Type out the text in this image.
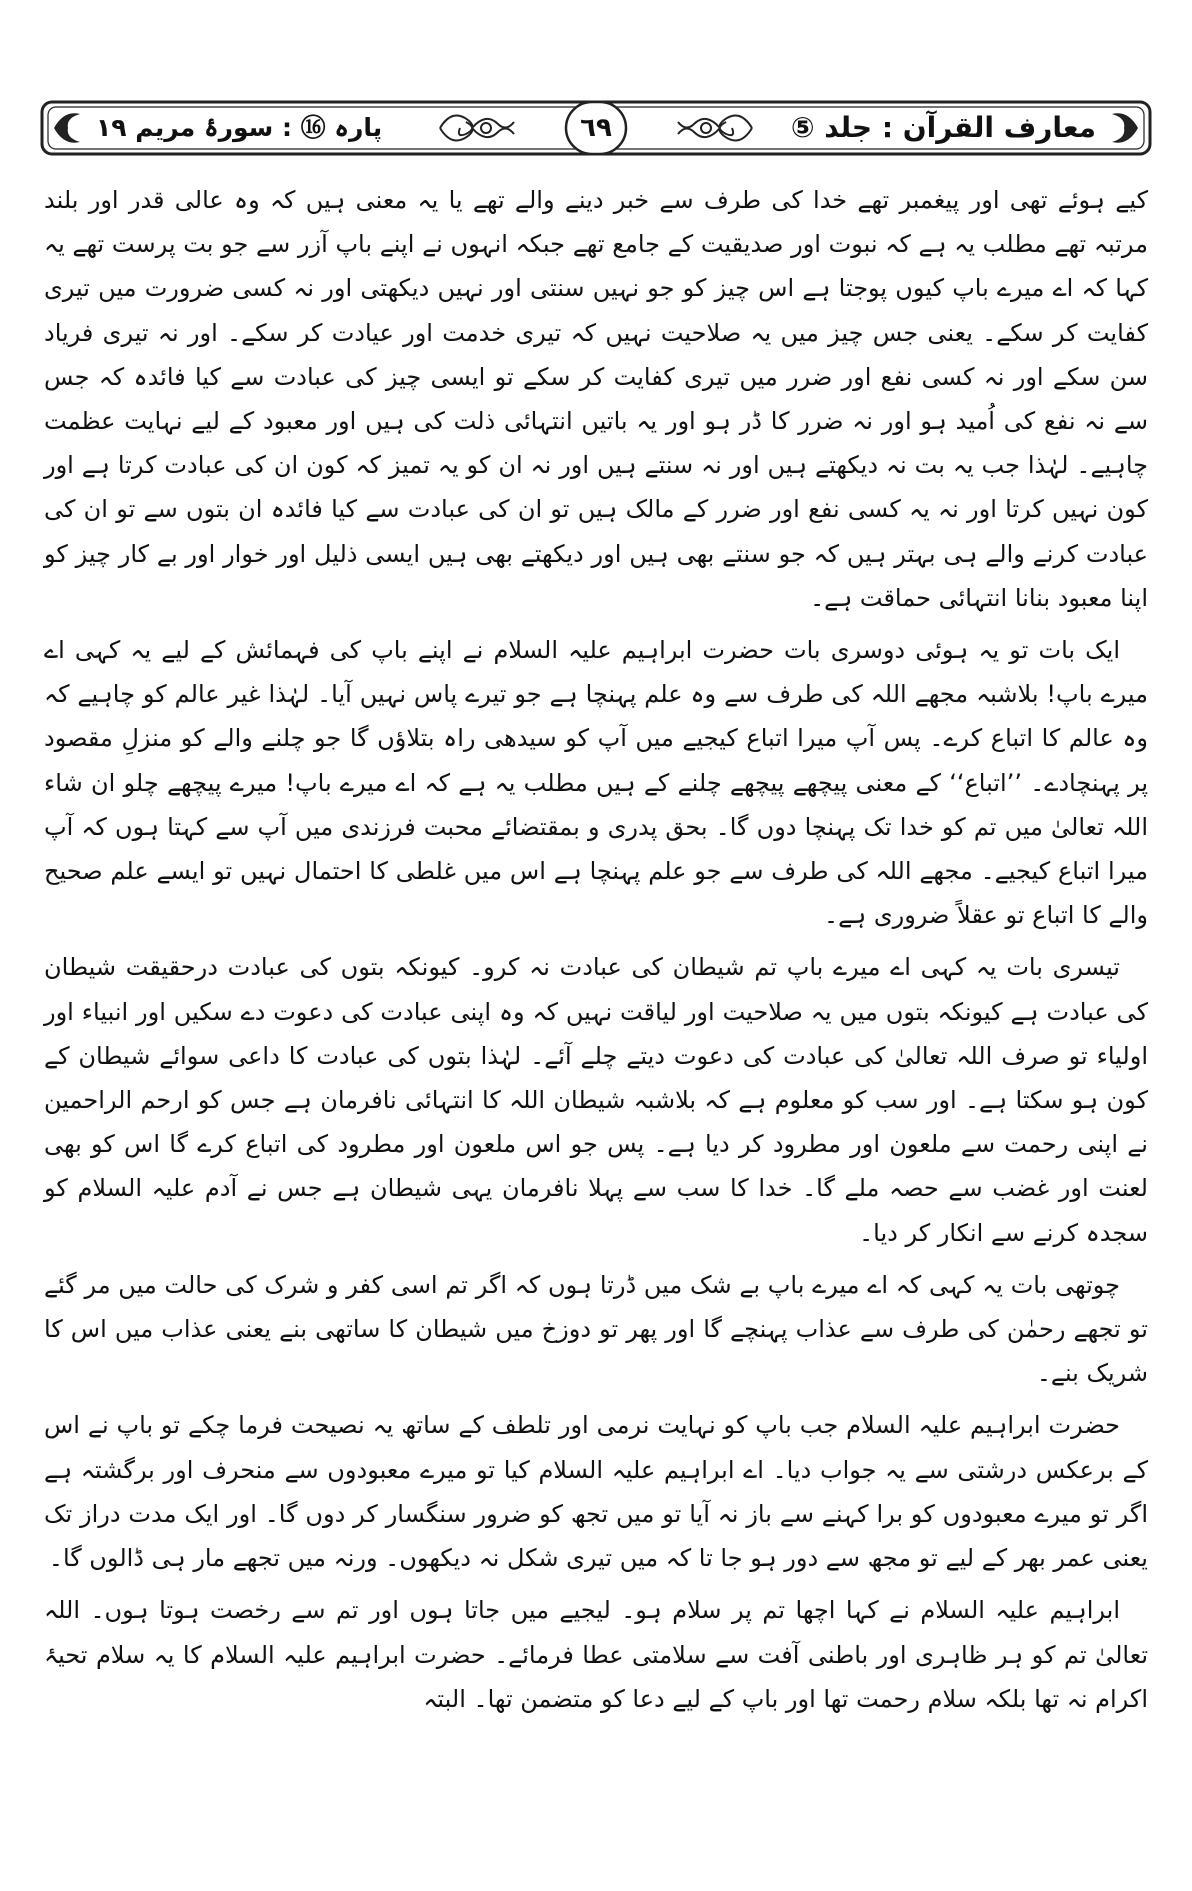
معارف القرآن : جلد ⑤
٦٩
پارہ ⑯ : سورۂ مریم ١٩

کیے ہوئے تھی اور پیغمبر تھے خدا کی طرف سے خبر دینے والے تھے یا یہ معنی ہیں کہ وہ عالی قدر اور بلند مرتبہ تھے مطلب یہ ہے کہ نبوت اور صدیقیت کے جامع تھے جبکہ انہوں نے اپنے باپ آزر سے جو بت پرست تھے یہ کہا کہ اے میرے باپ کیوں پوجتا ہے اس چیز کو جو نہیں سنتی اور نہیں دیکھتی اور نہ کسی ضرورت میں تیری کفایت کر سکے۔ یعنی جس چیز میں یہ صلاحیت نہیں کہ تیری خدمت اور عیادت کر سکے۔ اور نہ تیری فریاد سن سکے اور نہ کسی نفع اور ضرر میں تیری کفایت کر سکے تو ایسی چیز کی عبادت سے کیا فائدہ کہ جس سے نہ نفع کی اُمید ہو اور نہ ضرر کا ڈر ہو اور یہ باتیں انتہائی ذلت کی ہیں اور معبود کے لیے نہایت عظمت چاہیے۔ لہٰذا جب یہ بت نہ دیکھتے ہیں اور نہ سنتے ہیں اور نہ ان کو یہ تمیز کہ کون ان کی عبادت کرتا ہے اور کون نہیں کرتا اور نہ یہ کسی نفع اور ضرر کے مالک ہیں تو ان کی عبادت سے کیا فائدہ ان بتوں سے تو ان کی عبادت کرنے والے ہی بہتر ہیں کہ جو سنتے بھی ہیں اور دیکھتے بھی ہیں ایسی ذلیل اور خوار اور بے کار چیز کو اپنا معبود بنانا انتہائی حماقت ہے۔

ایک بات تو یہ ہوئی دوسری بات حضرت ابراہیم علیہ السلام نے اپنے باپ کی فہمائش کے لیے یہ کہی اے میرے باپ! بلاشبہ مجھے اللہ کی طرف سے وہ علم پہنچا ہے جو تیرے پاس نہیں آیا۔ لہٰذا غیر عالم کو چاہیے کہ وہ عالم کا اتباع کرے۔ پس آپ میرا اتباع کیجیے میں آپ کو سیدھی راہ بتلاؤں گا جو چلنے والے کو منزلِ مقصود پر پہنچادے۔ ’’اتباع‘‘ کے معنی پیچھے پیچھے چلنے کے ہیں مطلب یہ ہے کہ اے میرے باپ! میرے پیچھے چلو ان شاء اللہ تعالیٰ میں تم کو خدا تک پہنچا دوں گا۔ بحق پدری و بمقتضائے محبت فرزندی میں آپ سے کہتا ہوں کہ آپ میرا اتباع کیجیے۔ مجھے اللہ کی طرف سے جو علم پہنچا ہے اس میں غلطی کا احتمال نہیں تو ایسے علم صحیح والے کا اتباع تو عقلاً ضروری ہے۔

تیسری بات یہ کہی اے میرے باپ تم شیطان کی عبادت نہ کرو۔ کیونکہ بتوں کی عبادت درحقیقت شیطان کی عبادت ہے کیونکہ بتوں میں یہ صلاحیت اور لیاقت نہیں کہ وہ اپنی عبادت کی دعوت دے سکیں اور انبیاء اور اولیاء تو صرف اللہ تعالیٰ کی عبادت کی دعوت دیتے چلے آئے۔ لہٰذا بتوں کی عبادت کا داعی سوائے شیطان کے کون ہو سکتا ہے۔ اور سب کو معلوم ہے کہ بلاشبہ شیطان اللہ کا انتہائی نافرمان ہے جس کو ارحم الراحمین نے اپنی رحمت سے ملعون اور مطرود کر دیا ہے۔ پس جو اس ملعون اور مطرود کی اتباع کرے گا اس کو بھی لعنت اور غضب سے حصہ ملے گا۔ خدا کا سب سے پہلا نافرمان یہی شیطان ہے جس نے آدم علیہ السلام کو سجدہ کرنے سے انکار کر دیا۔

چوتھی بات یہ کہی کہ اے میرے باپ بے شک میں ڈرتا ہوں کہ اگر تم اسی کفر و شرک کی حالت میں مر گئے تو تجھے رحمٰن کی طرف سے عذاب پہنچے گا اور پھر تو دوزخ میں شیطان کا ساتھی بنے یعنی عذاب میں اس کا شریک بنے۔

حضرت ابراہیم علیہ السلام جب باپ کو نہایت نرمی اور تلطف کے ساتھ یہ نصیحت فرما چکے تو باپ نے اس کے برعکس درشتی سے یہ جواب دیا۔ اے ابراہیم علیہ السلام کیا تو میرے معبودوں سے منحرف اور برگشتہ ہے اگر تو میرے معبودوں کو برا کہنے سے باز نہ آیا تو میں تجھ کو ضرور سنگسار کر دوں گا۔ اور ایک مدت دراز تک یعنی عمر بھر کے لیے تو مجھ سے دور ہو جا تا کہ میں تیری شکل نہ دیکھوں۔ ورنہ میں تجھے مار ہی ڈالوں گا۔

ابراہیم علیہ السلام نے کہا اچھا تم پر سلام ہو۔ لیجیے میں جاتا ہوں اور تم سے رخصت ہوتا ہوں۔ اللہ تعالیٰ تم کو ہر ظاہری اور باطنی آفت سے سلامتی عطا فرمائے۔ حضرت ابراہیم علیہ السلام کا یہ سلام تحیۂ اکرام نہ تھا بلکہ سلام رحمت تھا اور باپ کے لیے دعا کو متضمن تھا۔ البتہ
